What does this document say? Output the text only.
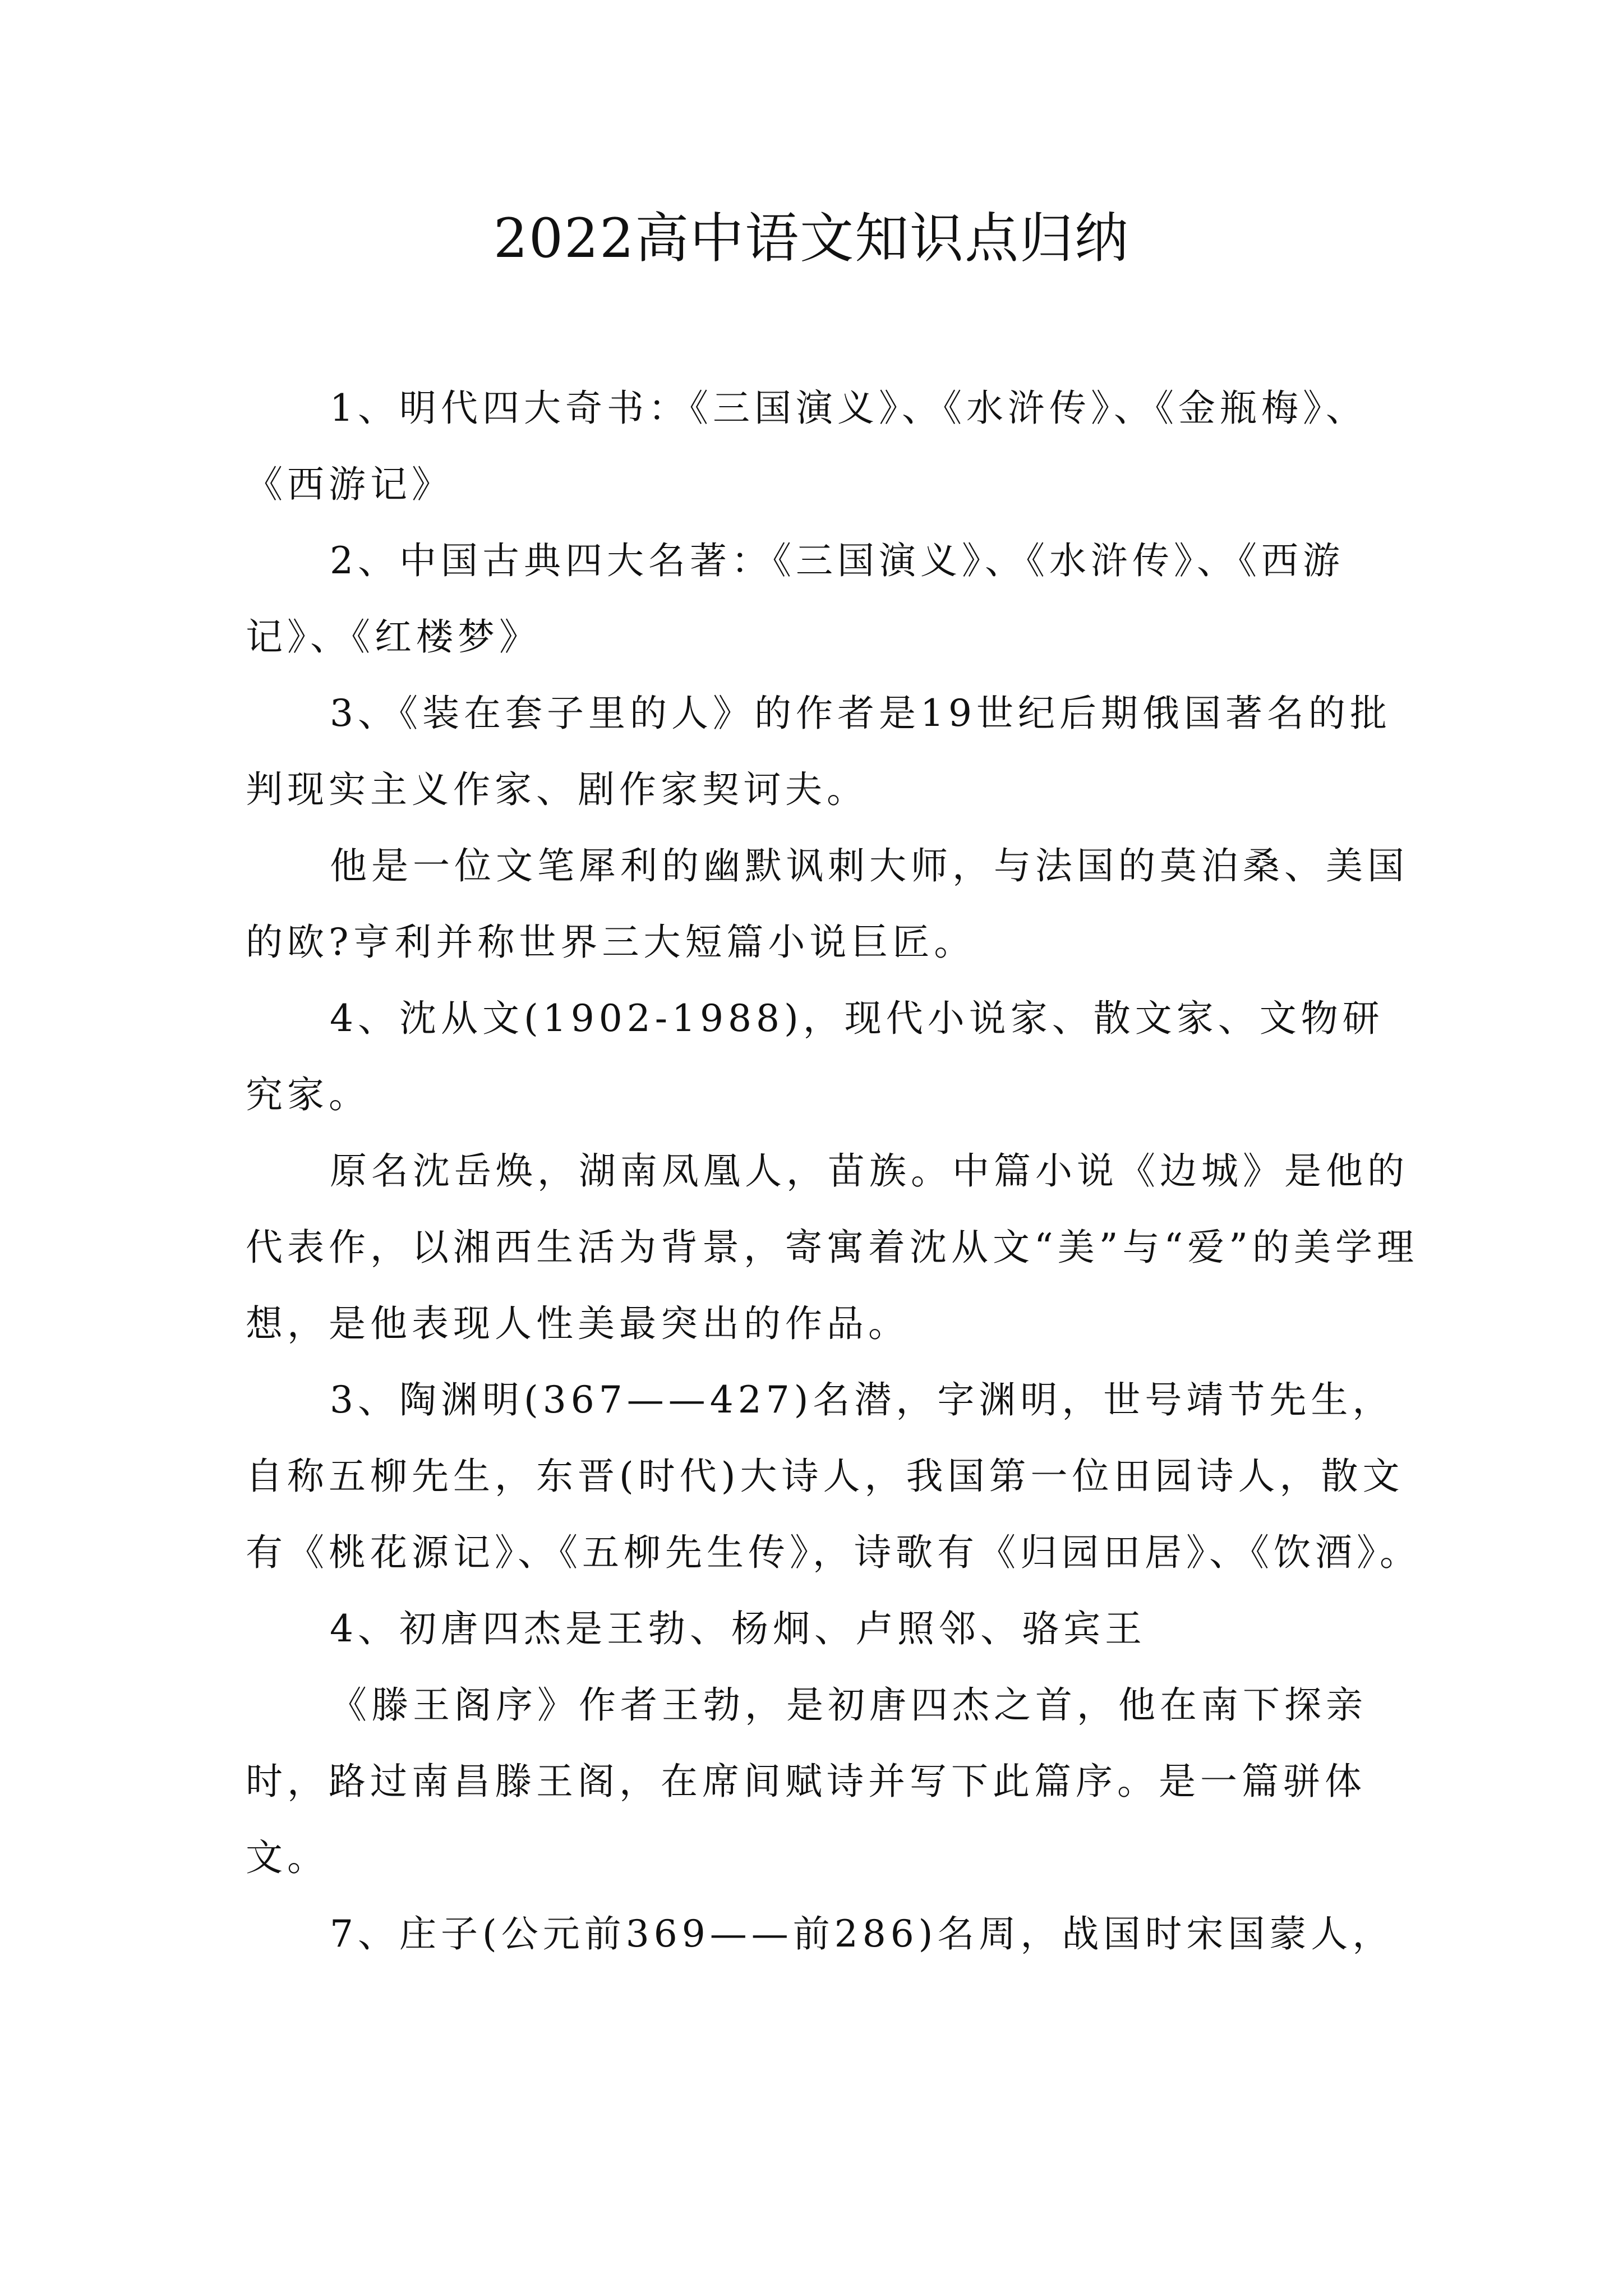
2022高中语文知识点归纳

1、明代四大奇书：《三国演义》、《水浒传》、《金瓶梅》、《西游记》

2、中国古典四大名著：《三国演义》、《水浒传》、《西游记》、《红楼梦》

3、《装在套子里的人》的作者是19世纪后期俄国著名的批判现实主义作家、剧作家契诃夫。

他是一位文笔犀利的幽默讽刺大师，与法国的莫泊桑、美国的欧?亨利并称世界三大短篇小说巨匠。

4、沈从文(1902-1988)，现代小说家、散文家、文物研究家。

原名沈岳焕，湖南凤凰人，苗族。中篇小说《边城》是他的代表作，以湘西生活为背景，寄寓着沈从文“美”与“爱”的美学理想，是他表现人性美最突出的作品。

3、陶渊明(367——427)名潜，字渊明，世号靖节先生，自称五柳先生，东晋(时代)大诗人，我国第一位田园诗人，散文有《桃花源记》、《五柳先生传》，诗歌有《归园田居》、《饮酒》。

4、初唐四杰是王勃、杨炯、卢照邻、骆宾王

《滕王阁序》作者王勃，是初唐四杰之首，他在南下探亲时，路过南昌滕王阁，在席间赋诗并写下此篇序。是一篇骈体文。

7、庄子(公元前369——前286)名周，战国时宋国蒙人，
